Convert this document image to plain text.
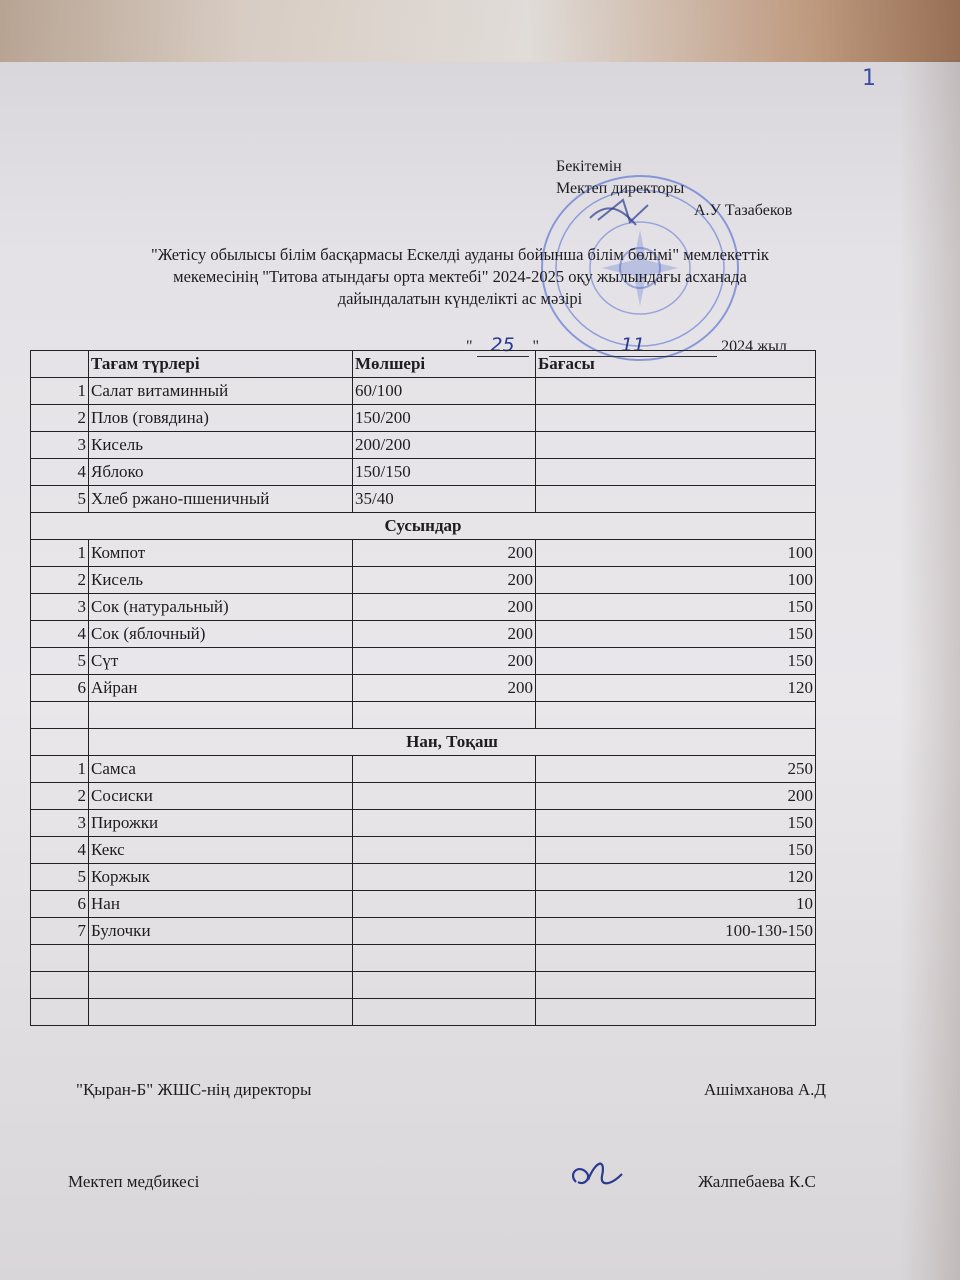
1
Бекітемін
Мектеп директоры
А.У Тазабеков
"Жетісу обылысы білім басқармасы Ескелді ауданы бойынша білім бөлімі" мемлекеттік
мекемесінің "Титова атындағы орта мектебі" 2024-2025 оқу жылындағы асханада
дайындалатын күнделікті ас мәзірі
" 25 "	11	2024 жыл
	Тағам түрлері	Мөлшері	Бағасы
1	Салат витаминный	60/100	
2	Плов (говядина)	150/200	
3	Кисель	200/200	
4	Яблоко	150/150	
5	Хлеб ржано-пшеничный	35/40	
Сусындар			
1	Компот	200	100
2	Кисель	200	100
3	Сок (натуральный)	200	150
4	Сок (яблочный)	200	150
5	Сүт	200	150
6	Айран	200	120

	Нан, Тоқаш		
1	Самса		250
2	Сосиски		200
3	Пирожки		150
4	Кекс		150
5	Коржык		120
6	Нан		10
7	Булочки		100-130-150

"Қыран-Б" ЖШС-нің директоры	Ашімханова А.Д
Мектеп медбикесі	Жалпебаева К.С
